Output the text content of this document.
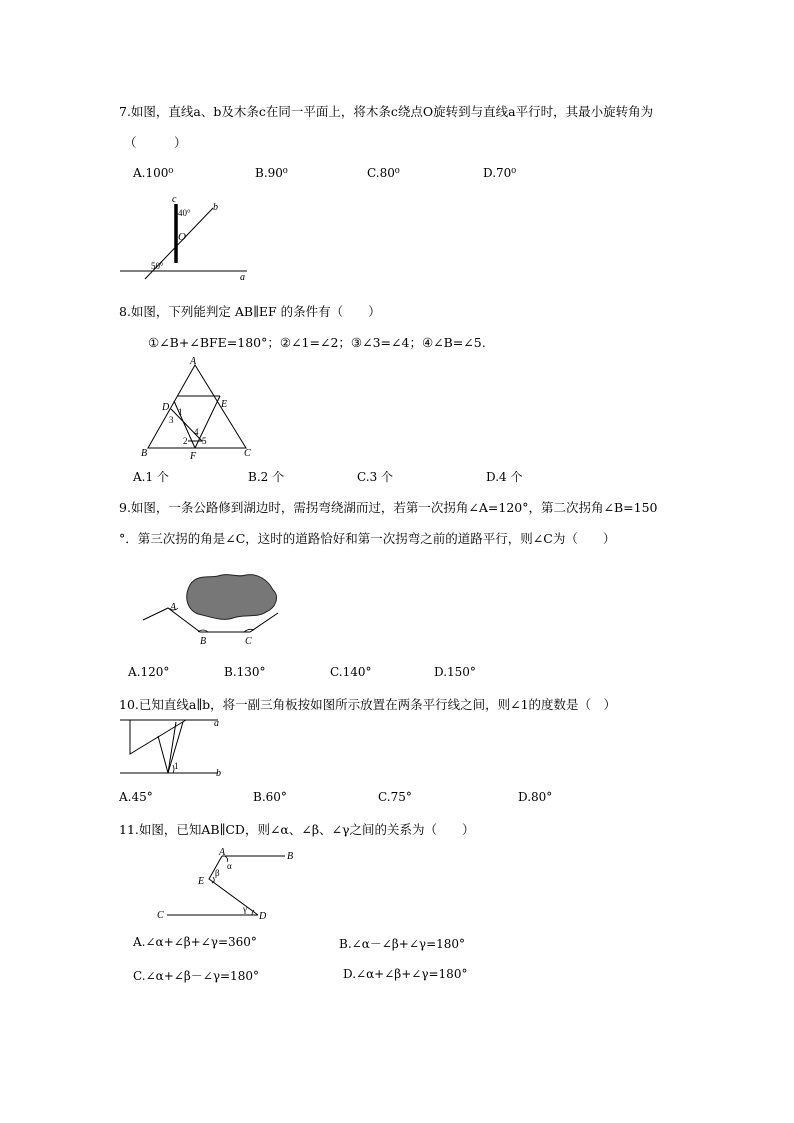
7.如图，直线a、b及木条c在同一平面上，将木条c绕点O旋转到与直线a平行时，其最小旋转角为
（　　　）
A.100⁰	B.90⁰	C.80⁰	D.70⁰
c
b
a
O
40°
50°
8.如图，下列能判定 AB∥EF 的条件有（　　）
①∠B+∠BFE=180°；②∠1=∠2；③∠3=∠4；④∠B=∠5.
A
B	C
D	E
F
1
3
2
4
5
A.1 个	B.2 个	C.3 个	D.4 个
9.如图，一条公路修到湖边时，需拐弯绕湖而过，若第一次拐角∠A=120°，第二次拐角∠B=150
°．第三次拐的角是∠C，这时的道路恰好和第一次拐弯之前的道路平行，则∠C为（　　）
A
B	C
A.120°	B.130°	C.140°	D.150°
10.已知直线a∥b，将一副三角板按如图所示放置在两条平行线之间，则∠1的度数是（　）
a
b
1
A.45°	B.60°	C.75°	D.80°
11.如图，已知AB∥CD，则∠α、∠β、∠γ之间的关系为（　　）
A	B
C	D
E
α
β
γ
A.∠α+∠β+∠γ=360°	B.∠α－∠β+∠γ=180°
C.∠α+∠β－∠γ=180°	D.∠α+∠β+∠γ=180°
